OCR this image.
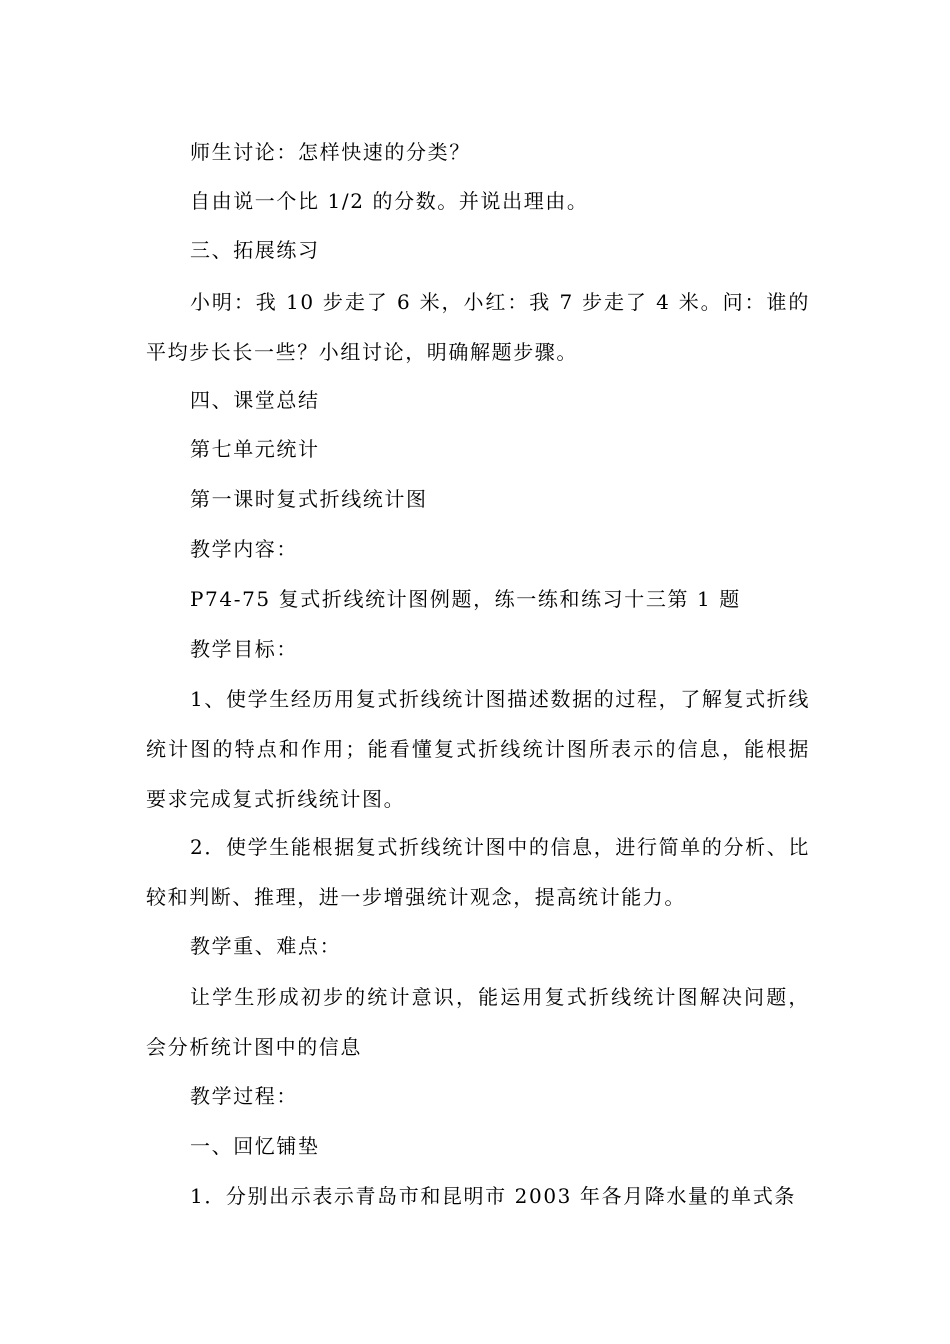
师生讨论：怎样快速的分类？
自由说一个比 1/2 的分数。并说出理由。
三、拓展练习
小明：我 10 步走了 6 米，小红：我 7 步走了 4 米。问：谁的平均步长长一些？小组讨论，明确解题步骤。
四、课堂总结
第七单元统计
第一课时复式折线统计图
教学内容：
P74-75 复式折线统计图例题，练一练和练习十三第 1 题
教学目标：
1、使学生经历用复式折线统计图描述数据的过程，了解复式折线统计图的特点和作用；能看懂复式折线统计图所表示的信息，能根据要求完成复式折线统计图。
2．使学生能根据复式折线统计图中的信息，进行简单的分析、比较和判断、推理，进一步增强统计观念，提高统计能力。
教学重、难点：
让学生形成初步的统计意识，能运用复式折线统计图解决问题，会分析统计图中的信息
教学过程：
一、回忆铺垫
1．分别出示表示青岛市和昆明市 2003 年各月降水量的单式条
